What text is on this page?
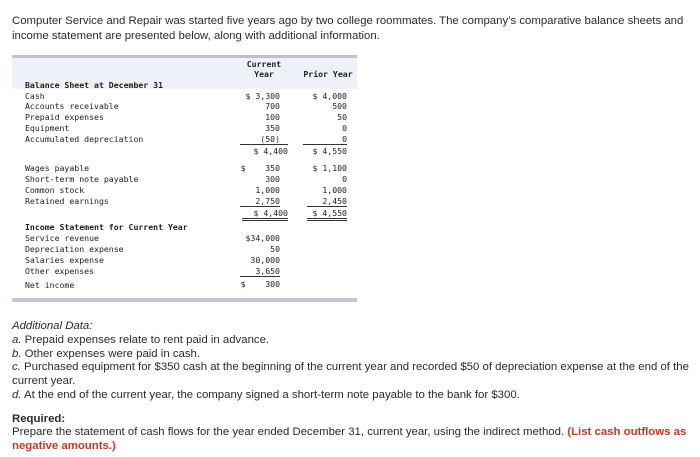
Computer Service and Repair was started five years ago by two college roommates. The company’s comparative balance sheets and income statement are presented below, along with additional information.

Current
Year	Prior Year
Balance Sheet at December 31
Cash	$ 3,300	$ 4,000
Accounts receivable	700	500
Prepaid expenses	100	50
Equipment	350	0
Accumulated depreciation	(50)	0
$ 4,400	$ 4,550
Wages payable	$    350	$ 1,100
Short-term note payable	300	0
Common stock	1,000	1,000
Retained earnings	2,750	2,450
$ 4,400	$ 4,550
Income Statement for Current Year
Service revenue	$34,000
Depreciation expense	50
Salaries expense	30,000
Other expenses	3,650
Net income	$    300

Additional Data:

a. Prepaid expenses relate to rent paid in advance.

b. Other expenses were paid in cash.

c. Purchased equipment for $350 cash at the beginning of the current year and recorded $50 of depreciation expense at the end of the current year.

d. At the end of the current year, the company signed a short-term note payable to the bank for $300.

Required:
Prepare the statement of cash flows for the year ended December 31, current year, using the indirect method. (List cash outflows as negative amounts.)
